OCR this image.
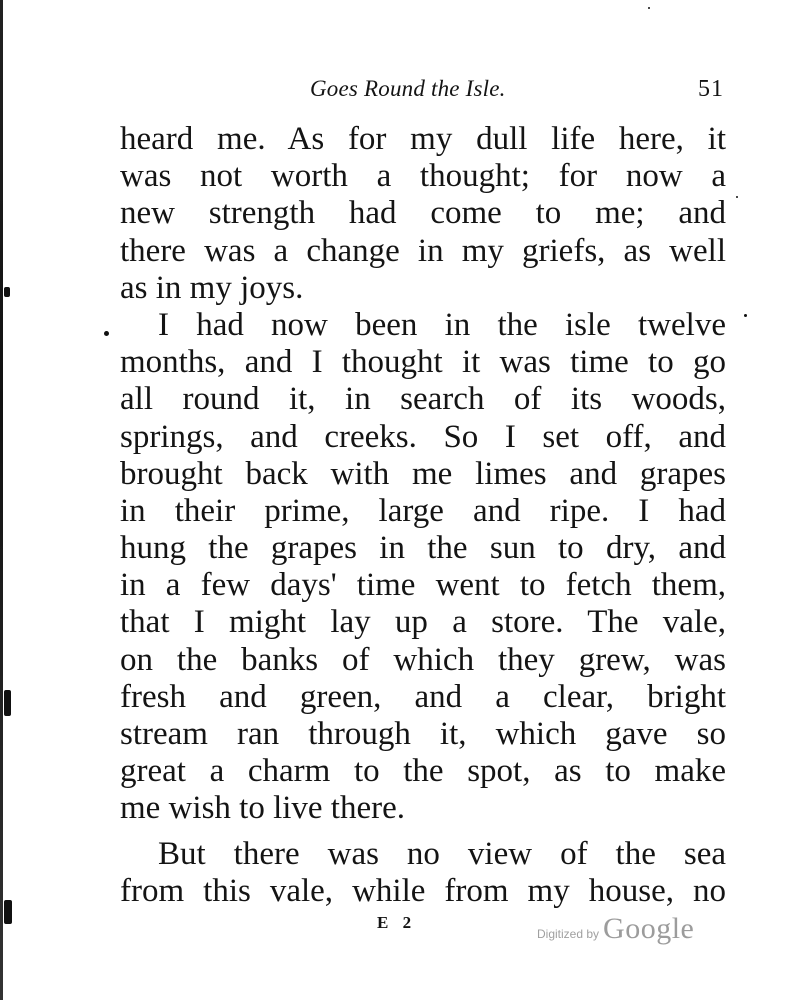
Goes Round the Isle.	51
heard me. As for my dull life here, it
was not worth a thought; for now a
new strength had come to me; and
there was a change in my griefs, as well
as in my joys.
I had now been in the isle twelve
months, and I thought it was time to go
all round it, in search of its woods,
springs, and creeks. So I set off, and
brought back with me limes and grapes
in their prime, large and ripe. I had
hung the grapes in the sun to dry, and
in a few days' time went to fetch them,
that I might lay up a store. The vale,
on the banks of which they grew, was
fresh and green, and a clear, bright
stream ran through it, which gave so
great a charm to the spot, as to make
me wish to live there.
But there was no view of the sea
from this vale, while from my house, no
E 2
Digitized by Google
